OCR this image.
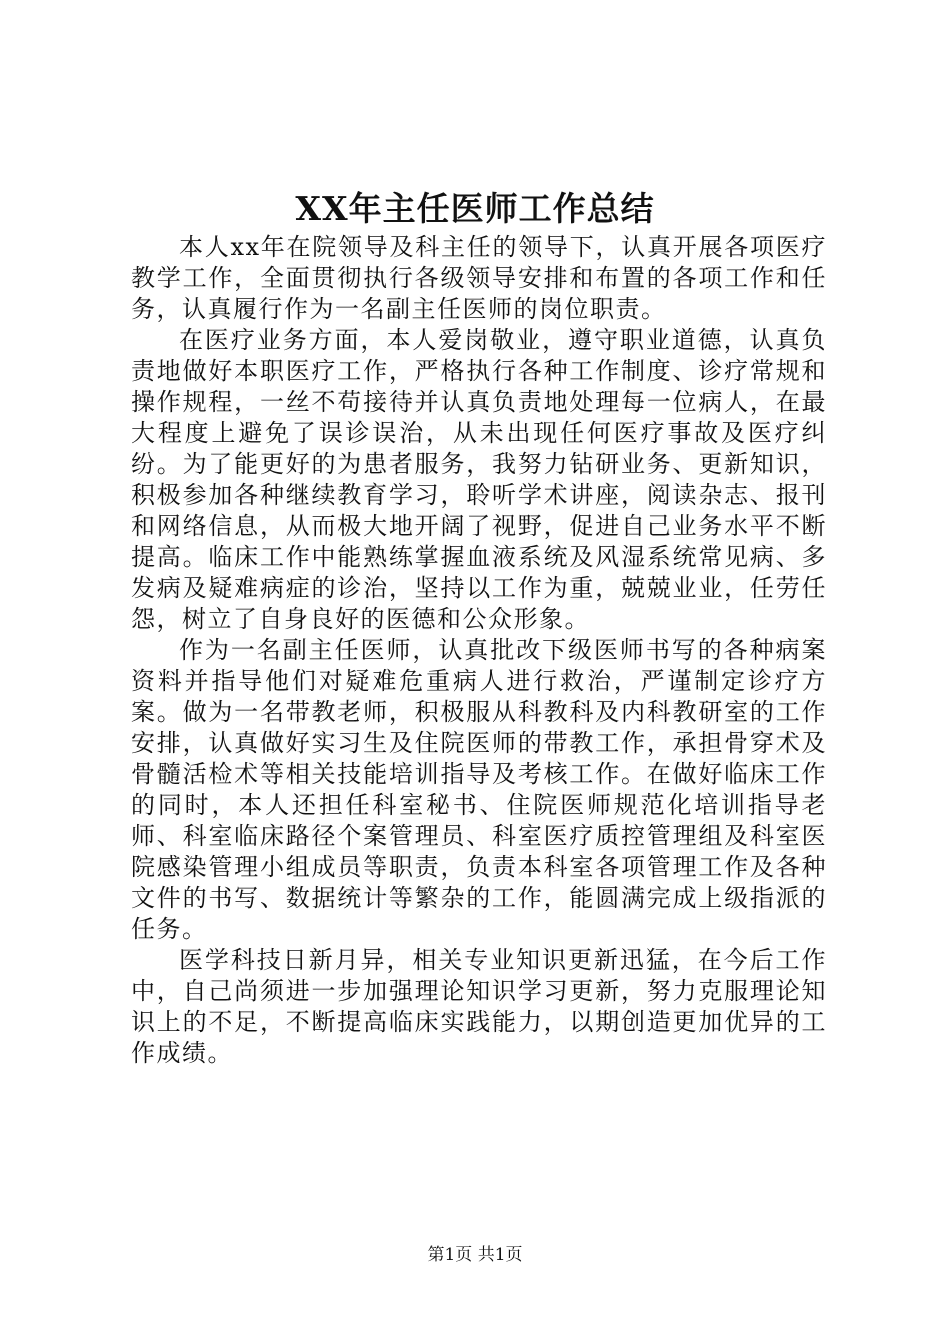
XX年主任医师工作总结

本人xx年在院领导及科主任的领导下，认真开展各项医疗教学工作，全面贯彻执行各级领导安排和布置的各项工作和任务，认真履行作为一名副主任医师的岗位职责。

在医疗业务方面，本人爱岗敬业，遵守职业道德，认真负责地做好本职医疗工作，严格执行各种工作制度、诊疗常规和操作规程，一丝不苟接待并认真负责地处理每一位病人，在最大程度上避免了误诊误治，从未出现任何医疗事故及医疗纠纷。为了能更好的为患者服务，我努力钻研业务、更新知识，积极参加各种继续教育学习，聆听学术讲座，阅读杂志、报刊和网络信息，从而极大地开阔了视野，促进自己业务水平不断提高。临床工作中能熟练掌握血液系统及风湿系统常见病、多发病及疑难病症的诊治，坚持以工作为重，兢兢业业，任劳任怨，树立了自身良好的医德和公众形象。

作为一名副主任医师，认真批改下级医师书写的各种病案资料并指导他们对疑难危重病人进行救治，严谨制定诊疗方案。做为一名带教老师，积极服从科教科及内科教研室的工作安排，认真做好实习生及住院医师的带教工作，承担骨穿术及骨髓活检术等相关技能培训指导及考核工作。在做好临床工作的同时，本人还担任科室秘书、住院医师规范化培训指导老师、科室临床路径个案管理员、科室医疗质控管理组及科室医院感染管理小组成员等职责，负责本科室各项管理工作及各种文件的书写、数据统计等繁杂的工作，能圆满完成上级指派的任务。

医学科技日新月异，相关专业知识更新迅猛，在今后工作中，自己尚须进一步加强理论知识学习更新，努力克服理论知识上的不足，不断提高临床实践能力，以期创造更加优异的工作成绩。

第1页 共1页
